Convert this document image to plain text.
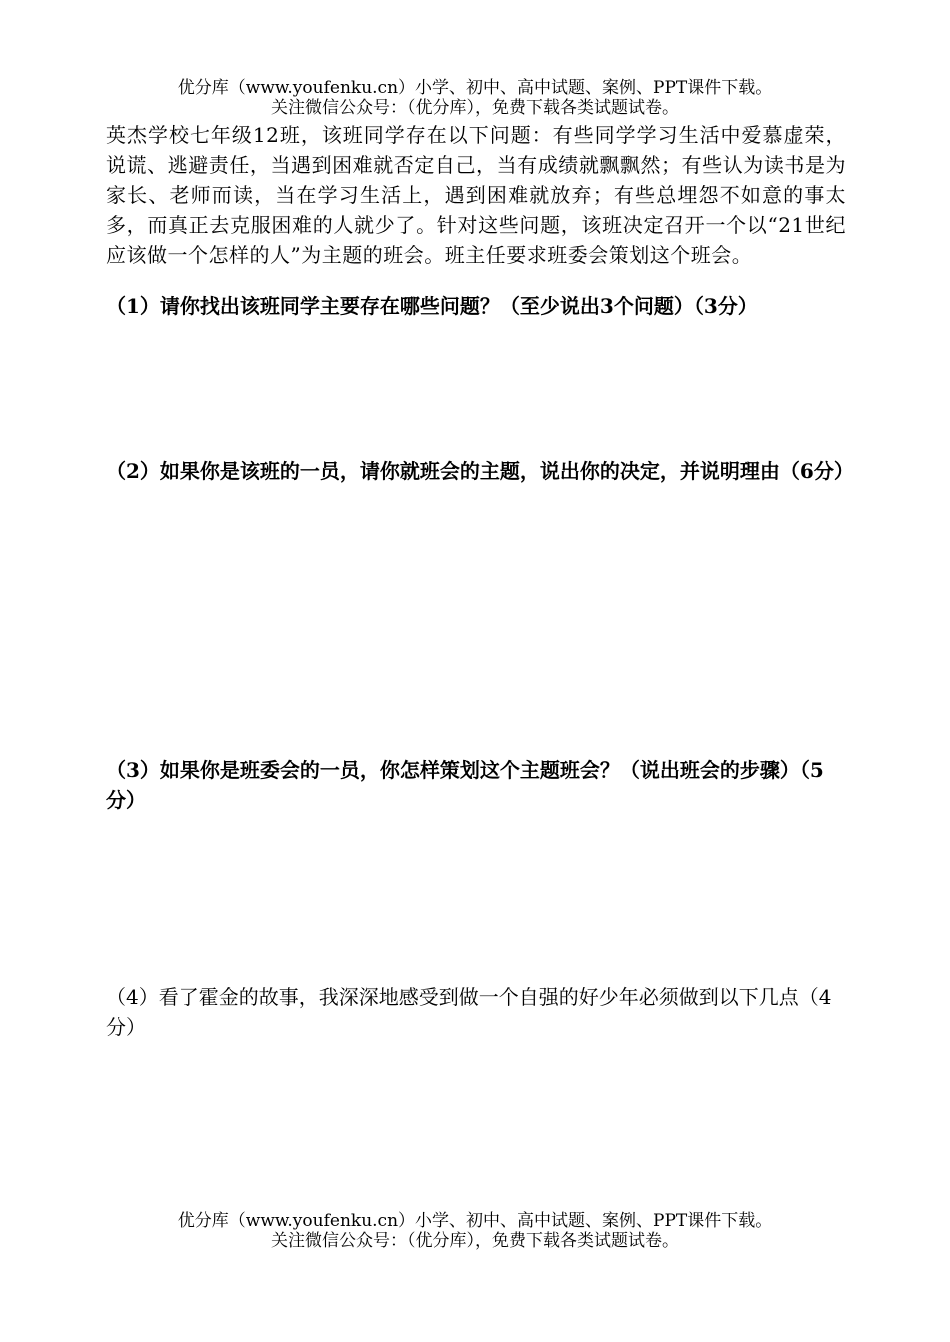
优分库（www.youfenku.cn）小学、初中、高中试题、案例、PPT课件下载。
关注微信公众号：（优分库），免费下载各类试题试卷。
英杰学校七年级12班，该班同学存在以下问题：有些同学学习生活中爱慕虚荣，说谎、逃避责任，当遇到困难就否定自己，当有成绩就飘飘然；有些认为读书是为家长、老师而读，当在学习生活上，遇到困难就放弃；有些总埋怨不如意的事太多，而真正去克服困难的人就少了。针对这些问题，该班决定召开一个以“21世纪应该做一个怎样的人”为主题的班会。班主任要求班委会策划这个班会。
（1）请你找出该班同学主要存在哪些问题？（至少说出3个问题）（3分）
（2）如果你是该班的一员，请你就班会的主题，说出你的决定，并说明理由（6分）
（3）如果你是班委会的一员，你怎样策划这个主题班会？（说出班会的步骤）（5分）
（4）看了霍金的故事，我深深地感受到做一个自强的好少年必须做到以下几点（4分）
优分库（www.youfenku.cn）小学、初中、高中试题、案例、PPT课件下载。
关注微信公众号：（优分库），免费下载各类试题试卷。
